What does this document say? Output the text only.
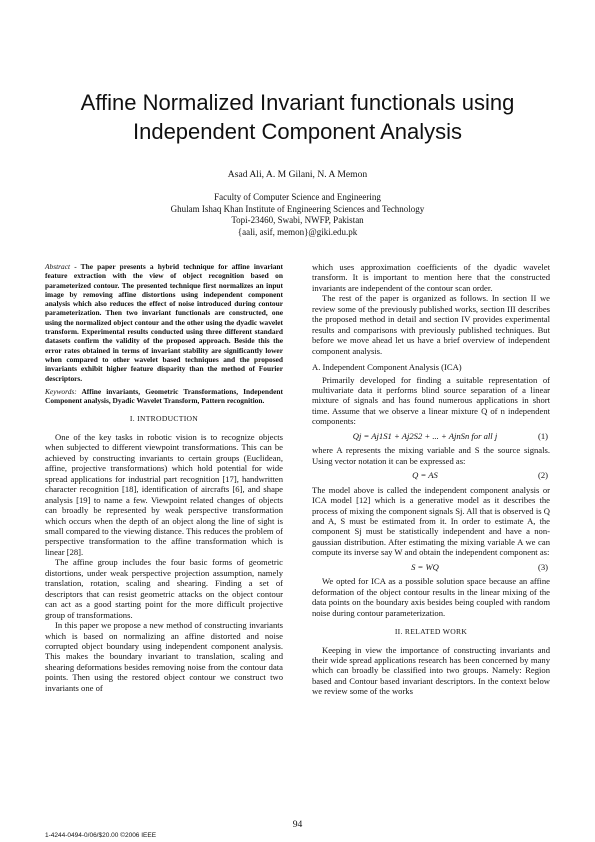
Affine Normalized Invariant functionals using
Independent Component Analysis
Asad Ali, A. M Gilani, N. A Memon
Faculty of Computer Science and Engineering
Ghulam Ishaq Khan Institute of Engineering Sciences and Technology
Topi-23460, Swabi, NWFP, Pakistan
{aali, asif, memon}@giki.edu.pk

Abstract - The paper presents a hybrid technique for affine invariant feature extraction with the view of object recognition based on parameterized contour. The presented technique first normalizes an input image by removing affine distortions using independent component analysis which also reduces the effect of noise introduced during contour parameterization. Then two invariant functionals are constructed, one using the normalized object contour and the other using the dyadic wavelet transform. Experimental results conducted using three different standard datasets confirm the validity of the proposed approach. Beside this the error rates obtained in terms of invariant stability are significantly lower when compared to other wavelet based techniques and the proposed invariants exhibit higher feature disparity than the method of Fourier descriptors.

Keywords: Affine invariants, Geometric Transformations, Independent Component analysis, Dyadic Wavelet Transform, Pattern recognition.

I. INTRODUCTION

One of the key tasks in robotic vision is to recognize objects when subjected to different viewpoint transformations. This can be achieved by constructing invariants to certain groups (Euclidean, affine, projective transformations) which hold potential for wide spread applications for industrial part recognition [17], handwritten character recognition [18], identification of aircrafts [6], and shape analysis [19] to name a few. Viewpoint related changes of objects can broadly be represented by weak perspective transformation which occurs when the depth of an object along the line of sight is small compared to the viewing distance. This reduces the problem of perspective transformation to the affine transformation which is linear [28].

The affine group includes the four basic forms of geometric distortions, under weak perspective projection assumption, namely translation, rotation, scaling and shearing. Finding a set of descriptors that can resist geometric attacks on the object contour can act as a good starting point for the more difficult projective group of transformations.

In this paper we propose a new method of constructing invariants which is based on normalizing an affine distorted and noise corrupted object boundary using independent component analysis. This makes the boundary invariant to translation, scaling and shearing deformations besides removing noise from the contour data points. Then using the restored object contour we construct two invariants one of

which uses approximation coefficients of the dyadic wavelet transform. It is important to mention here that the constructed invariants are independent of the contour scan order.

The rest of the paper is organized as follows. In section II we review some of the previously published works, section III describes the proposed method in detail and section IV provides experimental results and comparisons with previously published techniques. But before we move ahead let us have a brief overview of independent component analysis.

A. Independent Component Analysis (ICA)

Primarily developed for finding a suitable representation of multivariate data it performs blind source separation of a linear mixture of signals and has found numerous applications in short time. Assume that we observe a linear mixture Q of n independent components:

Qj = Aj1S1 + Aj2S2 + ... + AjnSn for all j	(1)

where A represents the mixing variable and S the source signals. Using vector notation it can be expressed as:

Q = AS	(2)

The model above is called the independent component analysis or ICA model [12] which is a generative model as it describes the process of mixing the component signals Sj. All that is observed is Q and A, S must be estimated from it. In order to estimate A, the component Sj must be statistically independent and have a non-gaussian distribution. After estimating the mixing variable A we can compute its inverse say W and obtain the independent component as:

S = WQ	(3)

We opted for ICA as a possible solution space because an affine deformation of the object contour results in the linear mixing of the data points on the boundary axis besides being coupled with random noise during contour parameterization.

II. RELATED WORK

Keeping in view the importance of constructing invariants and their wide spread applications research has been concerned by many which can broadly be classified into two groups. Namely: Region based and Contour based invariant descriptors. In the context below we review some of the works

94
1-4244-0494-0/06/$20.00 ©2006 IEEE
